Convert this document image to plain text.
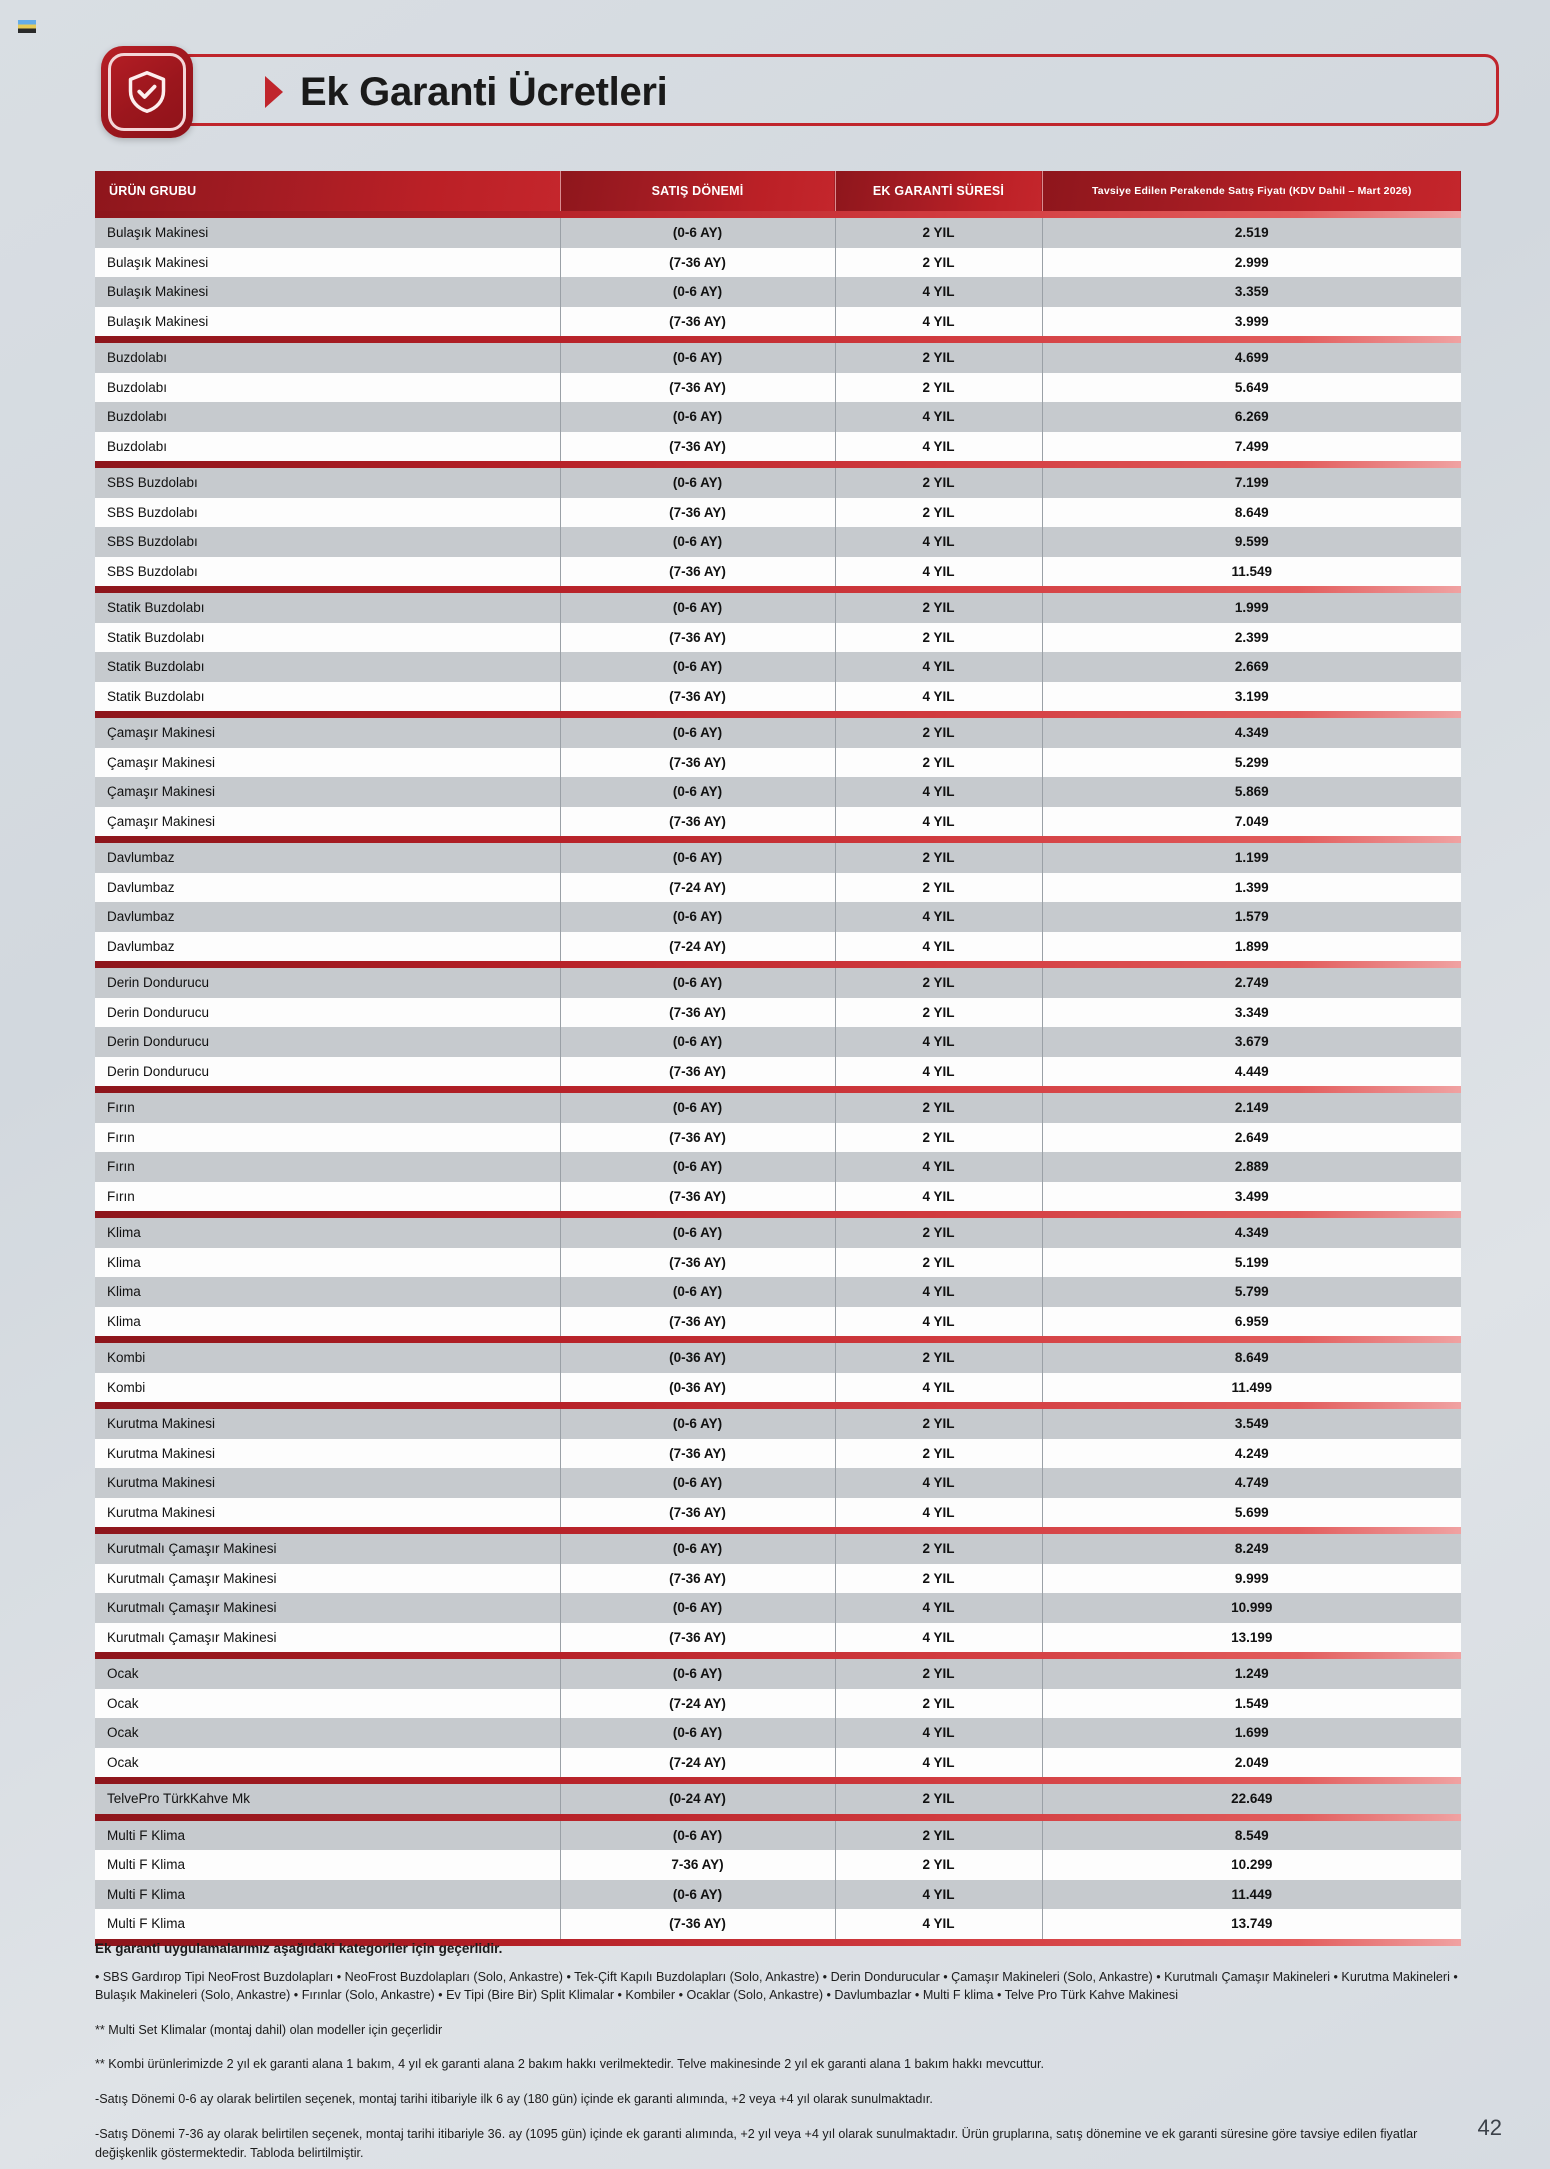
Ek Garanti Ücretleri
ÜRÜN GRUBU	SATIŞ DÖNEMİ	EK GARANTİ SÜRESİ	Tavsiye Edilen Perakende Satış Fiyatı (KDV Dahil – Mart 2026)

Bulaşık Makinesi	(0-6 AY)	2 YIL	2.519
Bulaşık Makinesi	(7-36 AY)	2 YIL	2.999
Bulaşık Makinesi	(0-6 AY)	4 YIL	3.359
Bulaşık Makinesi	(7-36 AY)	4 YIL	3.999

Buzdolabı	(0-6 AY)	2 YIL	4.699
Buzdolabı	(7-36 AY)	2 YIL	5.649
Buzdolabı	(0-6 AY)	4 YIL	6.269
Buzdolabı	(7-36 AY)	4 YIL	7.499

SBS Buzdolabı	(0-6 AY)	2 YIL	7.199
SBS Buzdolabı	(7-36 AY)	2 YIL	8.649
SBS Buzdolabı	(0-6 AY)	4 YIL	9.599
SBS Buzdolabı	(7-36 AY)	4 YIL	11.549

Statik Buzdolabı	(0-6 AY)	2 YIL	1.999
Statik Buzdolabı	(7-36 AY)	2 YIL	2.399
Statik Buzdolabı	(0-6 AY)	4 YIL	2.669
Statik Buzdolabı	(7-36 AY)	4 YIL	3.199

Çamaşır Makinesi	(0-6 AY)	2 YIL	4.349
Çamaşır Makinesi	(7-36 AY)	2 YIL	5.299
Çamaşır Makinesi	(0-6 AY)	4 YIL	5.869
Çamaşır Makinesi	(7-36 AY)	4 YIL	7.049

Davlumbaz	(0-6 AY)	2 YIL	1.199
Davlumbaz	(7-24 AY)	2 YIL	1.399
Davlumbaz	(0-6 AY)	4 YIL	1.579
Davlumbaz	(7-24 AY)	4 YIL	1.899

Derin Dondurucu	(0-6 AY)	2 YIL	2.749
Derin Dondurucu	(7-36 AY)	2 YIL	3.349
Derin Dondurucu	(0-6 AY)	4 YIL	3.679
Derin Dondurucu	(7-36 AY)	4 YIL	4.449

Fırın	(0-6 AY)	2 YIL	2.149
Fırın	(7-36 AY)	2 YIL	2.649
Fırın	(0-6 AY)	4 YIL	2.889
Fırın	(7-36 AY)	4 YIL	3.499

Klima	(0-6 AY)	2 YIL	4.349
Klima	(7-36 AY)	2 YIL	5.199
Klima	(0-6 AY)	4 YIL	5.799
Klima	(7-36 AY)	4 YIL	6.959

Kombi	(0-36 AY)	2 YIL	8.649
Kombi	(0-36 AY)	4 YIL	11.499

Kurutma Makinesi	(0-6 AY)	2 YIL	3.549
Kurutma Makinesi	(7-36 AY)	2 YIL	4.249
Kurutma Makinesi	(0-6 AY)	4 YIL	4.749
Kurutma Makinesi	(7-36 AY)	4 YIL	5.699

Kurutmalı Çamaşır Makinesi	(0-6 AY)	2 YIL	8.249
Kurutmalı Çamaşır Makinesi	(7-36 AY)	2 YIL	9.999
Kurutmalı Çamaşır Makinesi	(0-6 AY)	4 YIL	10.999
Kurutmalı Çamaşır Makinesi	(7-36 AY)	4 YIL	13.199

Ocak	(0-6 AY)	2 YIL	1.249
Ocak	(7-24 AY)	2 YIL	1.549
Ocak	(0-6 AY)	4 YIL	1.699
Ocak	(7-24 AY)	4 YIL	2.049

TelvePro TürkKahve Mk	(0-24 AY)	2 YIL	22.649

Multi F Klima	(0-6 AY)	2 YIL	8.549
Multi F Klima	7-36 AY)	2 YIL	10.299
Multi F Klima	(0-6 AY)	4 YIL	11.449
Multi F Klima	(7-36 AY)	4 YIL	13.749

Ek garanti uygulamalarımız aşağıdaki kategoriler için geçerlidir.
• SBS Gardırop Tipi NeoFrost Buzdolapları • NeoFrost Buzdolapları (Solo, Ankastre) • Tek-Çift Kapılı Buzdolapları (Solo, Ankastre) • Derin Dondurucular • Çamaşır Makineleri (Solo, Ankastre) • Kurutmalı Çamaşır Makineleri • Kurutma Makineleri • Bulaşık Makineleri (Solo, Ankastre) • Fırınlar (Solo, Ankastre) • Ev Tipi (Bire Bir) Split Klimalar • Kombiler • Ocaklar (Solo, Ankastre) • Davlumbazlar • Multi F klima • Telve Pro Türk Kahve Makinesi

** Multi Set Klimalar (montaj dahil) olan modeller için geçerlidir

** Kombi ürünlerimizde 2 yıl ek garanti alana 1 bakım, 4 yıl ek garanti alana 2 bakım hakkı verilmektedir. Telve makinesinde 2 yıl ek garanti alana 1 bakım hakkı mevcuttur.

-Satış Dönemi 0-6 ay olarak belirtilen seçenek, montaj tarihi itibariyle ilk 6 ay (180 gün) içinde ek garanti alımında, +2 veya +4 yıl olarak sunulmaktadır.

-Satış Dönemi 7-36 ay olarak belirtilen seçenek, montaj tarihi itibariyle 36. ay (1095 gün) içinde ek garanti alımında, +2 yıl veya +4 yıl olarak sunulmaktadır. Ürün gruplarına, satış dönemine ve ek garanti süresine göre tavsiye edilen fiyatlar değişkenlik göstermektedir. Tabloda belirtilmiştir.

42
